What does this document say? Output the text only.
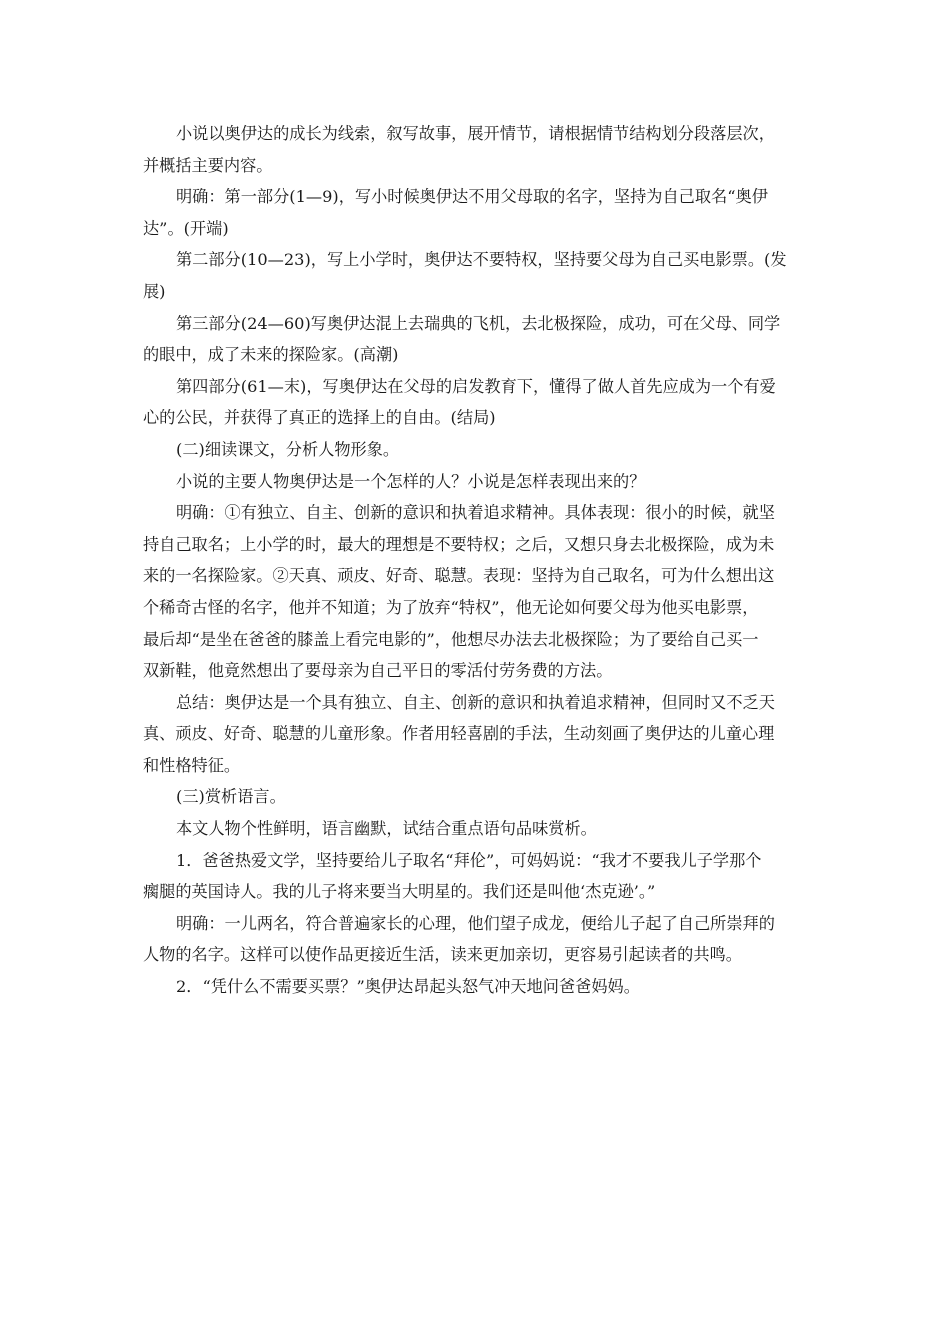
小说以奥伊达的成长为线索，叙写故事，展开情节，请根据情节结构划分段落层次，
并概括主要内容。
明确：第一部分(1—9)，写小时候奥伊达不用父母取的名字，坚持为自己取名“奥伊
达”。(开端)
第二部分(10—23)，写上小学时，奥伊达不要特权，坚持要父母为自己买电影票。(发
展)
第三部分(24—60)写奥伊达混上去瑞典的飞机，去北极探险，成功，可在父母、同学
的眼中，成了未来的探险家。(高潮)
第四部分(61—末)，写奥伊达在父母的启发教育下，懂得了做人首先应成为一个有爱
心的公民，并获得了真正的选择上的自由。(结局)
(二)细读课文，分析人物形象。
小说的主要人物奥伊达是一个怎样的人？小说是怎样表现出来的？
明确：①有独立、自主、创新的意识和执着追求精神。具体表现：很小的时候，就坚
持自己取名；上小学的时，最大的理想是不要特权；之后，又想只身去北极探险，成为未
来的一名探险家。②天真、顽皮、好奇、聪慧。表现：坚持为自己取名，可为什么想出这
个稀奇古怪的名字，他并不知道；为了放弃“特权”，他无论如何要父母为他买电影票，
最后却“是坐在爸爸的膝盖上看完电影的”，他想尽办法去北极探险；为了要给自己买一
双新鞋，他竟然想出了要母亲为自己平日的零活付劳务费的方法。
总结：奥伊达是一个具有独立、自主、创新的意识和执着追求精神，但同时又不乏天
真、顽皮、好奇、聪慧的儿童形象。作者用轻喜剧的手法，生动刻画了奥伊达的儿童心理
和性格特征。
(三)赏析语言。
本文人物个性鲜明，语言幽默，试结合重点语句品味赏析。
1．爸爸热爱文学，坚持要给儿子取名“拜伦”，可妈妈说：“我才不要我儿子学那个
瘸腿的英国诗人。我的儿子将来要当大明星的。我们还是叫他‘杰克逊’。”
明确：一儿两名，符合普遍家长的心理，他们望子成龙，便给儿子起了自己所崇拜的
人物的名字。这样可以使作品更接近生活，读来更加亲切，更容易引起读者的共鸣。
2．“凭什么不需要买票？”奥伊达昂起头怒气冲天地问爸爸妈妈。
